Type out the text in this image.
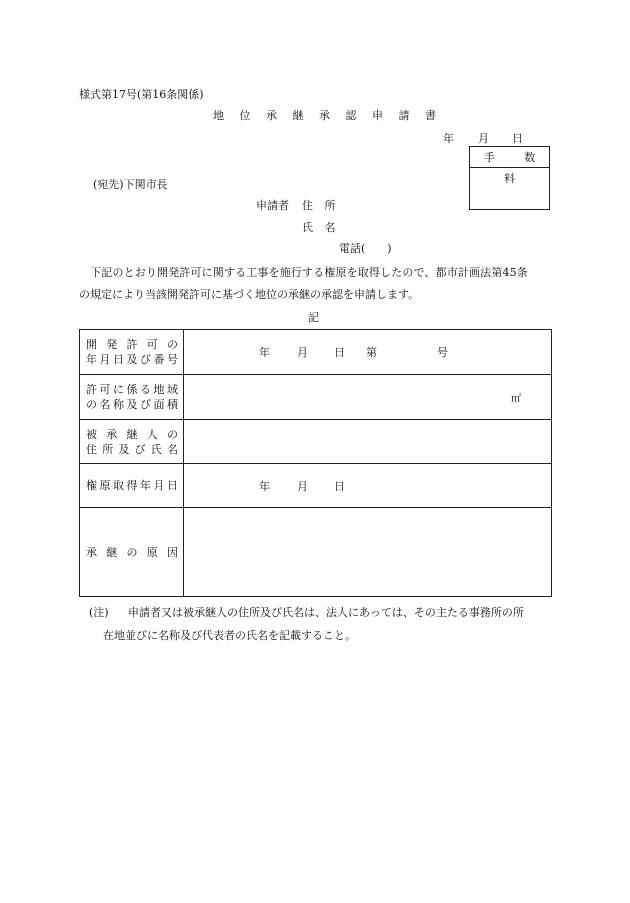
様式第17号(第16条関係)
地 位 承 継 承 認 申 請 書
年 月 日
手 数 料
(宛先)下関市長
申請者 住 所
氏 名
電話(　　)
　下記のとおり開発許可に関する工事を施行する権原を取得したので、都市計画法第45条
の規定により当該開発許可に基づく地位の承継の承認を申請します。
記
開発許可の
年月日及び番号	年 月 日 第 号

許可に係る地域
の名称及び面積	㎡

被承継人の
住所及び氏名	

権原取得年月日	年 月 日

承継の原因	

(注) 申請者又は被承継人の住所及び氏名は、法人にあっては、その主たる事務所の所
在地並びに名称及び代表者の氏名を記載すること。
